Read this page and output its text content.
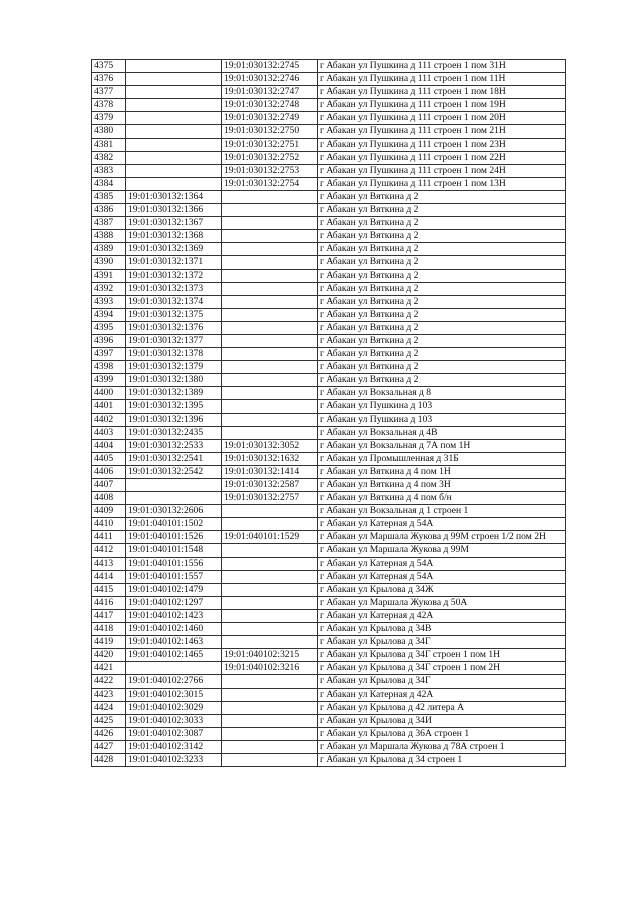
4375		19:01:030132:2745	г Абакан ул Пушкина д 111 строен 1 пом 31Н
4376		19:01:030132:2746	г Абакан ул Пушкина д 111 строен 1 пом 11Н
4377		19:01:030132:2747	г Абакан ул Пушкина д 111 строен 1 пом 18Н
4378		19:01:030132:2748	г Абакан ул Пушкина д 111 строен 1 пом 19Н
4379		19:01:030132:2749	г Абакан ул Пушкина д 111 строен 1 пом 20Н
4380		19:01:030132:2750	г Абакан ул Пушкина д 111 строен 1 пом 21Н
4381		19:01:030132:2751	г Абакан ул Пушкина д 111 строен 1 пом 23Н
4382		19:01:030132:2752	г Абакан ул Пушкина д 111 строен 1 пом 22Н
4383		19:01:030132:2753	г Абакан ул Пушкина д 111 строен 1 пом 24Н
4384		19:01:030132:2754	г Абакан ул Пушкина д 111 строен 1 пом 13Н
4385	19:01:030132:1364		г Абакан ул Вяткина д 2
4386	19:01:030132:1366		г Абакан ул Вяткина д 2
4387	19:01:030132:1367		г Абакан ул Вяткина д 2
4388	19:01:030132:1368		г Абакан ул Вяткина д 2
4389	19:01:030132:1369		г Абакан ул Вяткина д 2
4390	19:01:030132:1371		г Абакан ул Вяткина д 2
4391	19:01:030132:1372		г Абакан ул Вяткина д 2
4392	19:01:030132:1373		г Абакан ул Вяткина д 2
4393	19:01:030132:1374		г Абакан ул Вяткина д 2
4394	19:01:030132:1375		г Абакан ул Вяткина д 2
4395	19:01:030132:1376		г Абакан ул Вяткина д 2
4396	19:01:030132:1377		г Абакан ул Вяткина д 2
4397	19:01:030132:1378		г Абакан ул Вяткина д 2
4398	19:01:030132:1379		г Абакан ул Вяткина д 2
4399	19:01:030132:1380		г Абакан ул Вяткина д 2
4400	19:01:030132:1389		г Абакан ул Вокзальная д 8
4401	19:01:030132:1395		г Абакан ул Пушкина д 103
4402	19:01:030132:1396		г Абакан ул Пушкина д 103
4403	19:01:030132:2435		г Абакан ул Вокзальная д 4В
4404	19:01:030132:2533	19:01:030132:3052	г Абакан ул Вокзальная д 7А пом 1Н
4405	19:01:030132:2541	19:01:030132:1632	г Абакан ул Промышленная д 31Б
4406	19:01:030132:2542	19:01:030132:1414	г Абакан ул Вяткина д 4 пом 1Н
4407		19:01:030132:2587	г Абакан ул Вяткина д 4 пом 3Н
4408		19:01:030132:2757	г Абакан ул Вяткина д 4 пом б/н
4409	19:01:030132:2606		г Абакан ул Вокзальная д 1 строен 1
4410	19:01:040101:1502		г Абакан ул Катерная д 54А
4411	19:01:040101:1526	19:01:040101:1529	г Абакан ул Маршала Жукова д 99М строен 1/2 пом 2Н
4412	19:01:040101:1548		г Абакан ул Маршала Жукова д 99М
4413	19:01:040101:1556		г Абакан ул Катерная д 54А
4414	19:01:040101:1557		г Абакан ул Катерная д 54А
4415	19:01:040102:1479		г Абакан ул Крылова д 34Ж
4416	19:01:040102:1297		г Абакан ул Маршала Жукова д 50А
4417	19:01:040102:1423		г Абакан ул Катерная д 42А
4418	19:01:040102:1460		г Абакан ул Крылова д 34В
4419	19:01:040102:1463		г Абакан ул Крылова д 34Г
4420	19:01:040102:1465	19:01:040102:3215	г Абакан ул Крылова д 34Г строен 1 пом 1Н
4421		19:01:040102:3216	г Абакан ул Крылова д 34Г строен 1 пом 2Н
4422	19:01:040102:2766		г Абакан ул Крылова д 34Г
4423	19:01:040102:3015		г Абакан ул Катерная д 42А
4424	19:01:040102:3029		г Абакан ул Крылова д 42 литера А
4425	19:01:040102:3033		г Абакан ул Крылова д 34И
4426	19:01:040102:3087		г Абакан ул Крылова д 36А строен 1
4427	19:01:040102:3142		г Абакан ул Маршала Жукова д 78А строен 1
4428	19:01:040102:3233		г Абакан ул Крылова д 34 строен 1
